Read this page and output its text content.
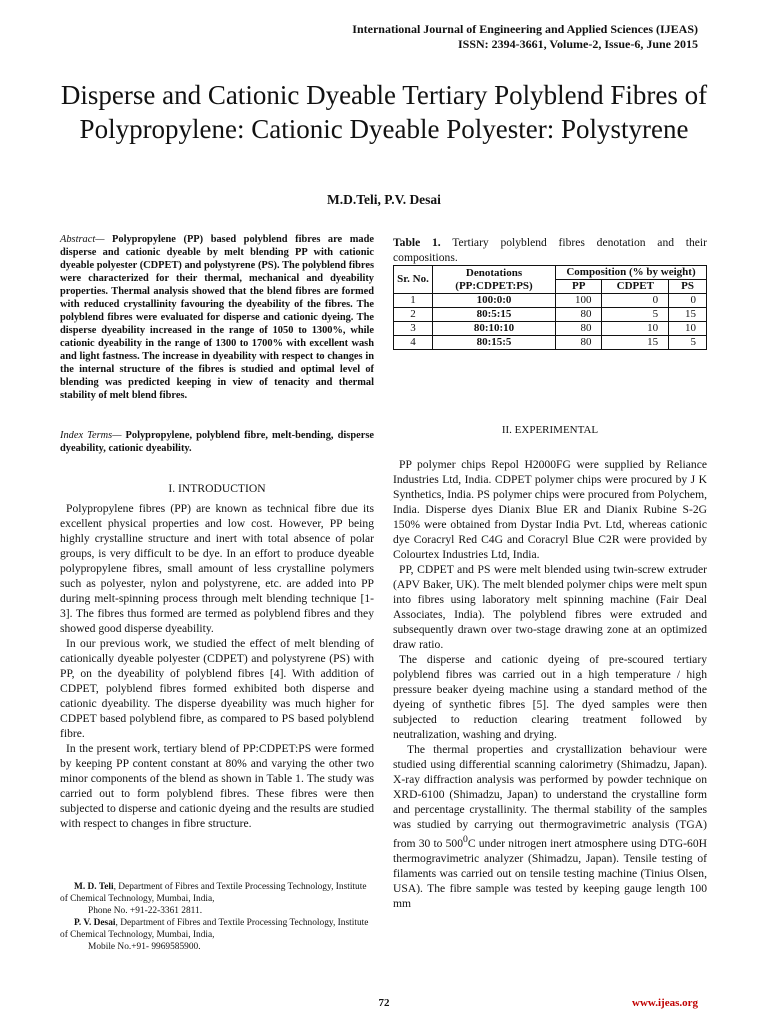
International Journal of Engineering and Applied Sciences (IJEAS)
ISSN: 2394-3661, Volume-2, Issue-6, June 2015
Disperse and Cationic Dyeable Tertiary Polyblend Fibres of Polypropylene: Cationic Dyeable Polyester: Polystyrene
M.D.Teli, P.V. Desai

Abstract— Polypropylene (PP) based polyblend fibres are made disperse and cationic dyeable by melt blending PP with cationic dyeable polyester (CDPET) and polystyrene (PS). The polyblend fibres were characterized for their thermal, mechanical and dyeability properties. Thermal analysis showed that the blend fibres are formed with reduced crystallinity favouring the dyeability of the fibres. The polyblend fibres were evaluated for disperse and cationic dyeing. The disperse dyeability increased in the range of 1050 to 1300%, while cationic dyeability in the range of 1300 to 1700% with excellent wash and light fastness. The increase in dyeability with respect to changes in the internal structure of the fibres is studied and optimal level of blending was predicted keeping in view of tenacity and thermal stability of melt blend fibres.

Index Terms— Polypropylene, polyblend fibre, melt-bending, disperse dyeability, cationic dyeability.

I. INTRODUCTION

Polypropylene fibres (PP) are known as technical fibre due its excellent physical properties and low cost. However, PP being highly crystalline structure and inert with total absence of polar groups, is very difficult to be dye. In an effort to produce dyeable polypropylene fibres, small amount of less crystalline polymers such as polyester, nylon and polystyrene, etc. are added into PP during melt-spinning process through melt blending technique [1-3]. The fibres thus formed are termed as polyblend fibres and they showed good disperse dyeability.

In our previous work, we studied the effect of melt blending of cationically dyeable polyester (CDPET) and polystyrene (PS) with PP, on the dyeability of polyblend fibres [4]. With addition of CDPET, polyblend fibres formed exhibited both disperse and cationic dyeability. The disperse dyeability was much higher for CDPET based polyblend fibre, as compared to PS based polyblend fibre.

In the present work, tertiary blend of PP:CDPET:PS were formed by keeping PP content constant at 80% and varying the other two minor components of the blend as shown in Table 1. The study was carried out to form polyblend fibres. These fibres were then subjected to disperse and cationic dyeing and the results are studied with respect to changes in fibre structure.

M. D. Teli, Department of Fibres and Textile Processing Technology, Institute of Chemical Technology, Mumbai, India,

Phone No. +91-22-3361 2811.

P. V. Desai, Department of Fibres and Textile Processing Technology, Institute of Chemical Technology, Mumbai, India,

Mobile No.+91- 9969585900.

Table 1. Tertiary polyblend fibres denotation and their compositions.

Sr. No.	Denotations (PP:CDPET:PS)	Composition (% by weight)		
		PP	CDPET	PS
1	100:0:0	100	0	0
2	80:5:15	80	5	15
3	80:10:10	80	10	10
4	80:15:5	80	15	5
II. EXPERIMENTAL

PP polymer chips Repol H2000FG were supplied by Reliance Industries Ltd, India. CDPET polymer chips were procured by J K Synthetics, India. PS polymer chips were procured from Polychem, India. Disperse dyes Dianix Blue ER and Dianix Rubine S-2G 150% were obtained from Dystar India Pvt. Ltd, whereas cationic dye Coracryl Red C4G and Coracryl Blue C2R were provided by Colourtex Industries Ltd, India.

PP, CDPET and PS were melt blended using twin-screw extruder (APV Baker, UK). The melt blended polymer chips were melt spun into fibres using laboratory melt spinning machine (Fair Deal Associates, India). The polyblend fibres were extruded and subsequently drawn over two-stage drawing zone at an optimized draw ratio.

The disperse and cationic dyeing of pre-scoured tertiary polyblend fibres was carried out in a high temperature / high pressure beaker dyeing machine using a standard method of the dyeing of synthetic fibres [5]. The dyed samples were then subjected to reduction clearing treatment followed by neutralization, washing and drying.

The thermal properties and crystallization behaviour were studied using differential scanning calorimetry (Shimadzu, Japan). X-ray diffraction analysis was performed by powder technique on XRD-6100 (Shimadzu, Japan) to understand the crystalline form and percentage crystallinity. The thermal stability of the samples was studied by carrying out thermogravimetric analysis (TGA) from 30 to $500^0C$ under nitrogen inert atmosphere using DTG-60H thermogravimetric analyzer (Shimadzu, Japan). Tensile testing of filaments was carried out on tensile testing machine (Tinius Olsen, USA). The fibre sample was tested by keeping gauge length 100 mm

72	www.ijeas.org
